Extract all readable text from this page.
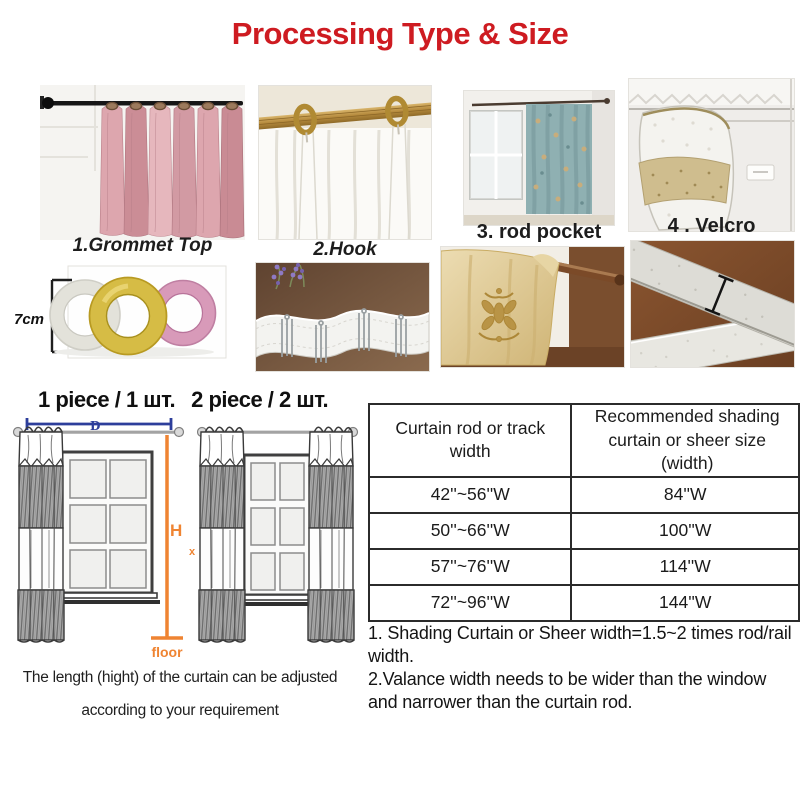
Processing Type & Size
1.Grommet Top	2.Hook
3. rod pocket	4 . Velcro
7cm
1 piece / 1 шт. 2 piece / 2 шт.
D
H
floor
x
The length (hight) of the curtain can be adjusted
according to your requirement
Curtain rod or track width	Recommended shading curtain or sheer size (width)
42''~56''W	84''W
50''~66''W	100''W
57''~76''W	114''W
72''~96''W	144''W
1. Shading Curtain or Sheer width=1.5~2 times rod/rail width.
2.Valance width needs to be wider than the window and narrower than the curtain rod.
